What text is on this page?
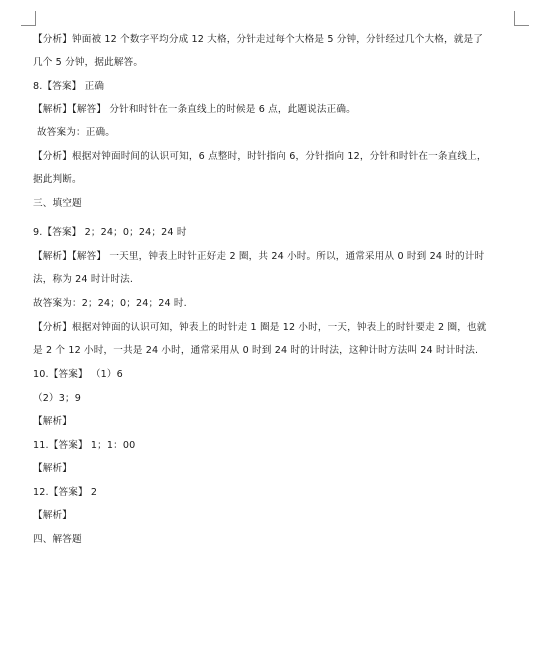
【分析】钟面被 12 个数字平均分成 12 大格，分针走过每个大格是 5 分钟，分针经过几个大格，就是了
几个 5 分钟，据此解答。
8.【答案】 正确
【解析】【解答】 分针和时针在一条直线上的时候是 6 点，此题说法正确。
故答案为：正确。
【分析】根据对钟面时间的认识可知，6 点整时，时针指向 6，分针指向 12，分针和时针在一条直线上，
据此判断。
三、填空题
9.【答案】 2；24；0；24；24 时
【解析】【解答】 一天里，钟表上时针正好走 2 圈，共 24 小时。所以，通常采用从 0 时到 24 时的计时
法，称为 24 时计时法.
故答案为：2；24；0；24；24 时.
【分析】根据对钟面的认识可知，钟表上的时针走 1 圈是 12 小时，一天，钟表上的时针要走 2 圈，也就
是 2 个 12 小时，一共是 24 小时，通常采用从 0 时到 24 时的计时法，这种计时方法叫 24 时计时法.
10.【答案】 （1）6
（2）3；9
【解析】
11.【答案】 1；1：00
【解析】
12.【答案】 2
【解析】
四、解答题
